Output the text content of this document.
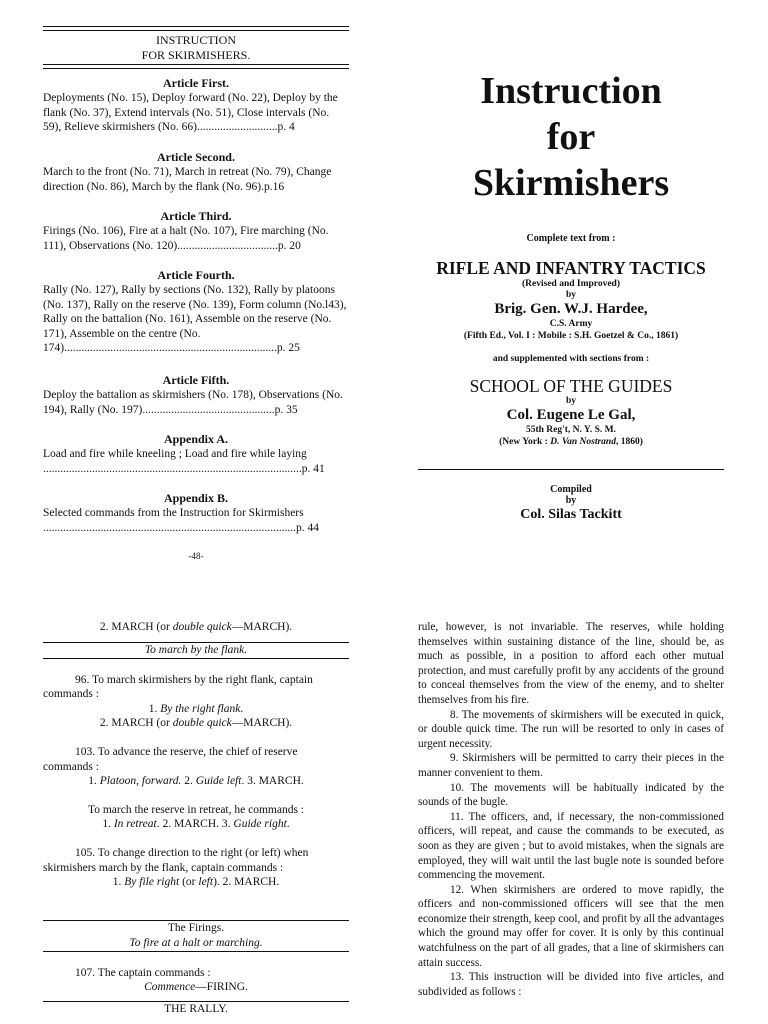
INSTRUCTION
FOR SKIRMISHERS.

Article First.

Deployments (No. 15), Deploy forward (No. 22), Deploy by the flank (No. 37), Extend intervals (No. 51), Close intervals (No. 59), Relieve skirmishers (No. 66)............................p. 4

Article Second.

March to the front (No. 71), March in retreat (No. 79), Change direction (No. 86), March by the flank (No. 96).p.16

Article Third.

Firings (No. 106), Fire at a halt (No. 107), Fire marching (No. 111), Observations (No. 120)...................................p. 20

Article Fourth.

Rally (No. 127), Rally by sections (No. 132), Rally by platoons (No. 137), Rally on the reserve (No. 139), Form column (No.l43), Rally on the battalion (No. 161), Assemble on the reserve (No. 171), Assemble on the centre (No. 174)..........................................................................p. 25

Article Fifth.

Deploy the battalion as skirmishers (No. 178), Observations (No. 194), Rally (No. 197)..............................................p. 35

Appendix A.

Load and fire while kneeling ; Load and fire while laying ..........................................................................................p. 41

Appendix B.

Selected commands from the Instruction for Skirmishers ........................................................................................p. 44

-48-

Instruction

for

Skirmishers

Complete text from :
RIFLE AND INFANTRY TACTICS
(Revised and Improved)
by
Brig. Gen. W.J. Hardee,
C.S. Army
(Fifth Ed., Vol. I : Mobile : S.H. Goetzel & Co., 1861)
and supplemented with sections from :
SCHOOL OF THE GUIDES
by
Col. Eugene Le Gal,
55th Reg't, N. Y. S. M.
(New York : D. Van Nostrand, 1860)
Compiled
by
Col. Silas Tackitt

2. MARCH (or double quick—MARCH).

To march by the flank.

96. To march skirmishers by the right flank, captain commands :

1. By the right flank.

2. MARCH (or double quick—MARCH).

103. To advance the reserve, the chief of reserve commands :

1. Platoon, forward. 2. Guide left. 3. MARCH.

To march the reserve in retreat, he commands :

1. In retreat. 2. MARCH. 3. Guide right.

105. To change direction to the right (or left) when skirmishers march by the flank, captain commands :

1. By file right (or left). 2. MARCH.

The Firings.

To fire at a halt or marching.

107. The captain commands :

Commence—FIRING.

THE RALLY.

rule, however, is not invariable. The reserves, while holding themselves within sustaining distance of the line, should be, as much as possible, in a position to afford each other mutual protection, and must carefully profit by any accidents of the ground to conceal themselves from the view of the enemy, and to shelter themselves from his fire.

8. The movements of skirmishers will be executed in quick, or double quick time. The run will be resorted to only in cases of urgent necessity.

9. Skirmishers will be permitted to carry their pieces in the manner convenient to them.

10. The movements will be habitually indicated by the sounds of the bugle.

11. The officers, and, if necessary, the non-commissioned officers, will repeat, and cause the commands to be executed, as soon as they are given ; but to avoid mistakes, when the signals are employed, they will wait until the last bugle note is sounded before commencing the movement.

12. When skirmishers are ordered to move rapidly, the officers and non-commissioned officers will see that the men economize their strength, keep cool, and profit by all the advantages which the ground may offer for cover. It is only by this continual watchfulness on the part of all grades, that a line of skirmishers can attain success.

13. This instruction will be divided into five articles, and subdivided as follows :
